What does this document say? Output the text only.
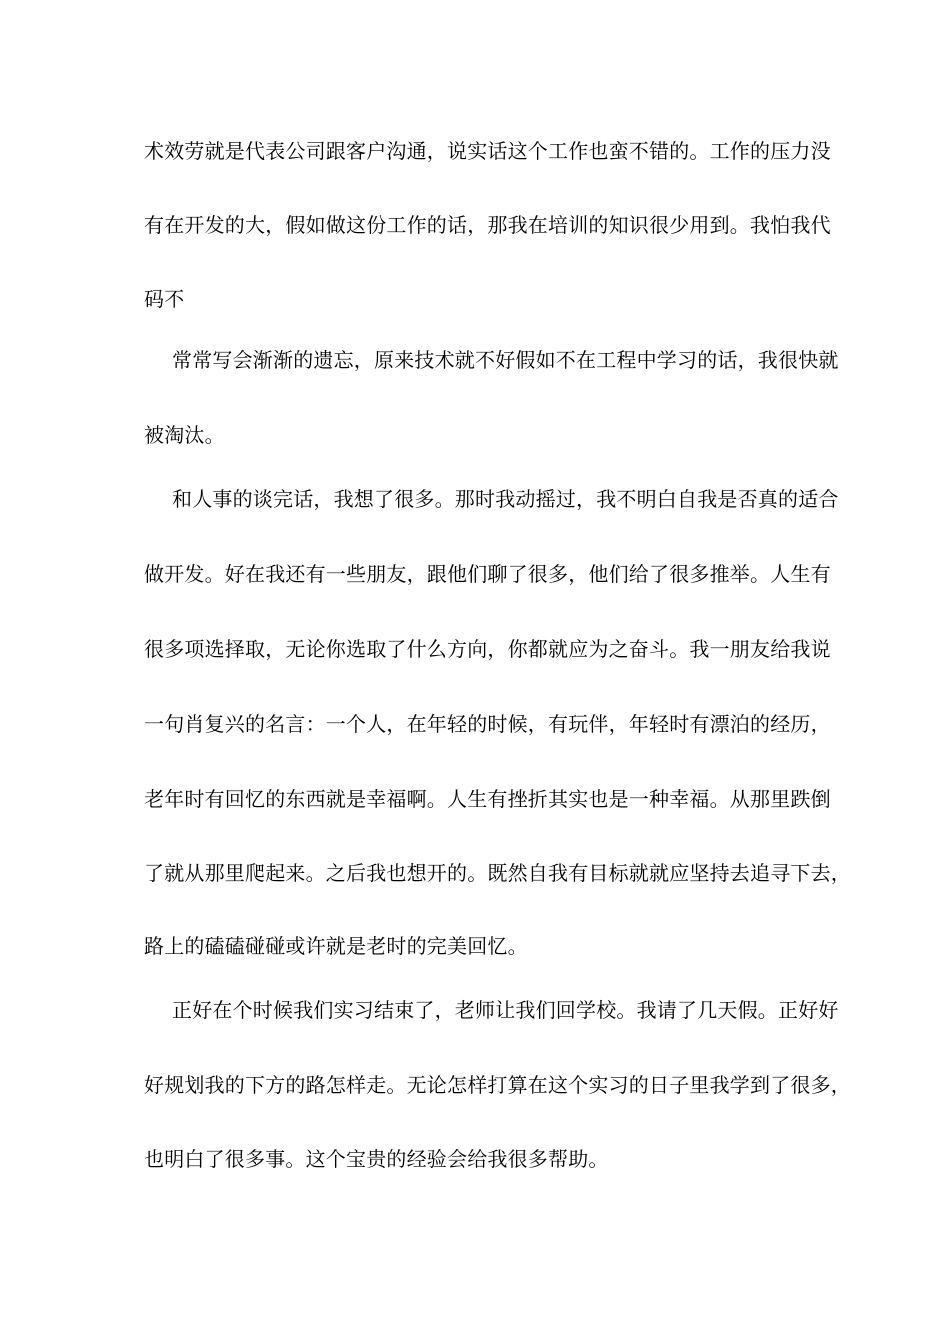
术效劳就是代表公司跟客户沟通，说实话这个工作也蛮不错的。工作的压力没
有在开发的大，假如做这份工作的话，那我在培训的知识很少用到。我怕我代
码不
常常写会渐渐的遗忘，原来技术就不好假如不在工程中学习的话，我很快就
被淘汰。
和人事的谈完话，我想了很多。那时我动摇过，我不明白自我是否真的适合
做开发。好在我还有一些朋友，跟他们聊了很多，他们给了很多推举。人生有
很多项选择取，无论你选取了什么方向，你都就应为之奋斗。我一朋友给我说
一句肖复兴的名言：一个人，在年轻的时候，有玩伴，年轻时有漂泊的经历，
老年时有回忆的东西就是幸福啊。人生有挫折其实也是一种幸福。从那里跌倒
了就从那里爬起来。之后我也想开的。既然自我有目标就就应坚持去追寻下去，
路上的磕磕碰碰或许就是老时的完美回忆。
正好在个时候我们实习结束了，老师让我们回学校。我请了几天假。正好好
好规划我的下方的路怎样走。无论怎样打算在这个实习的日子里我学到了很多，
也明白了很多事。这个宝贵的经验会给我很多帮助。
